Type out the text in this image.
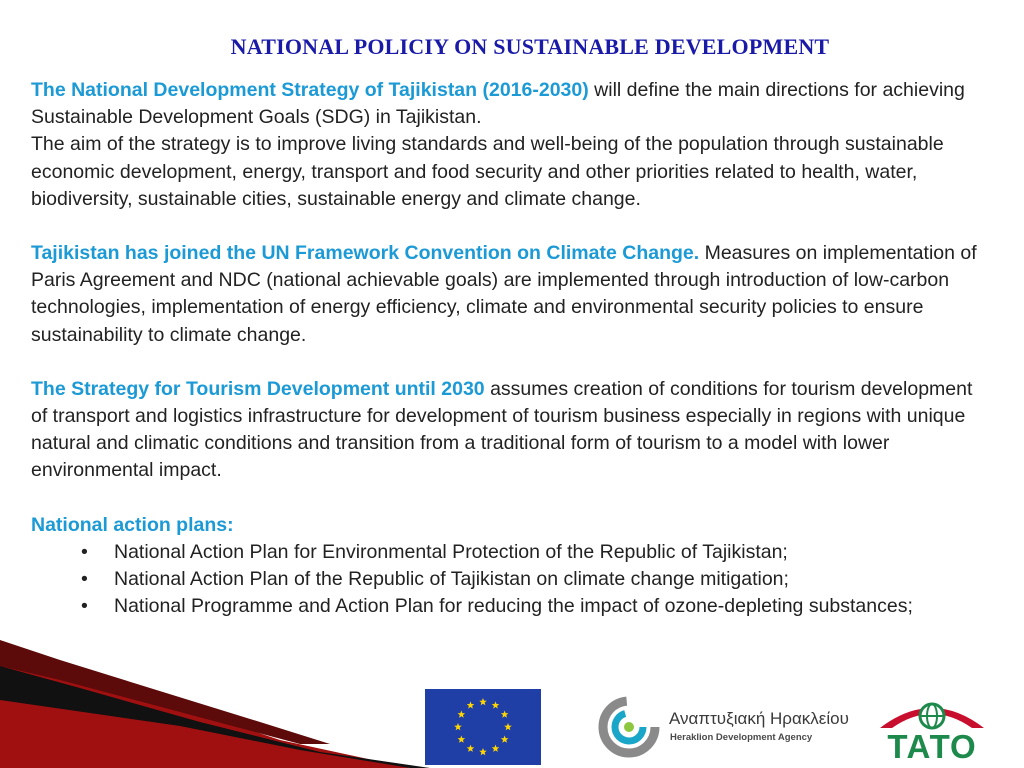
NATIONAL POLICIY ON SUSTAINABLE DEVELOPMENT

The National Development Strategy of Tajikistan (2016-2030) will define the main directions for achieving Sustainable Development Goals (SDG) in Tajikistan.

The aim of the strategy is to improve living standards and well-being of the population through sustainable economic development, energy, transport and food security and other priorities related to health, water, biodiversity, sustainable cities, sustainable energy and climate change.

Tajikistan has joined the UN Framework Convention on Climate Change. Measures on implementation of Paris Agreement and NDC (national achievable goals) are implemented through introduction of low-carbon technologies, implementation of energy efficiency, climate and environmental security policies to ensure sustainability to climate change.

The Strategy for Tourism Development until 2030 assumes creation of conditions for tourism development of transport and logistics infrastructure for development of tourism business especially in regions with unique natural and climatic conditions and transition from a traditional form of tourism to a model with lower environmental impact.

National action plans:

• National Action Plan for Environmental Protection of the Republic of Tajikistan;
• National Action Plan of the Republic of Tajikistan on climate change mitigation;
• National Programme and Action Plan for reducing the impact of ozone-depleting substances;
Αναπτυξιακή Ηρακλείου
Heraklion Development Agency	ТАТО
